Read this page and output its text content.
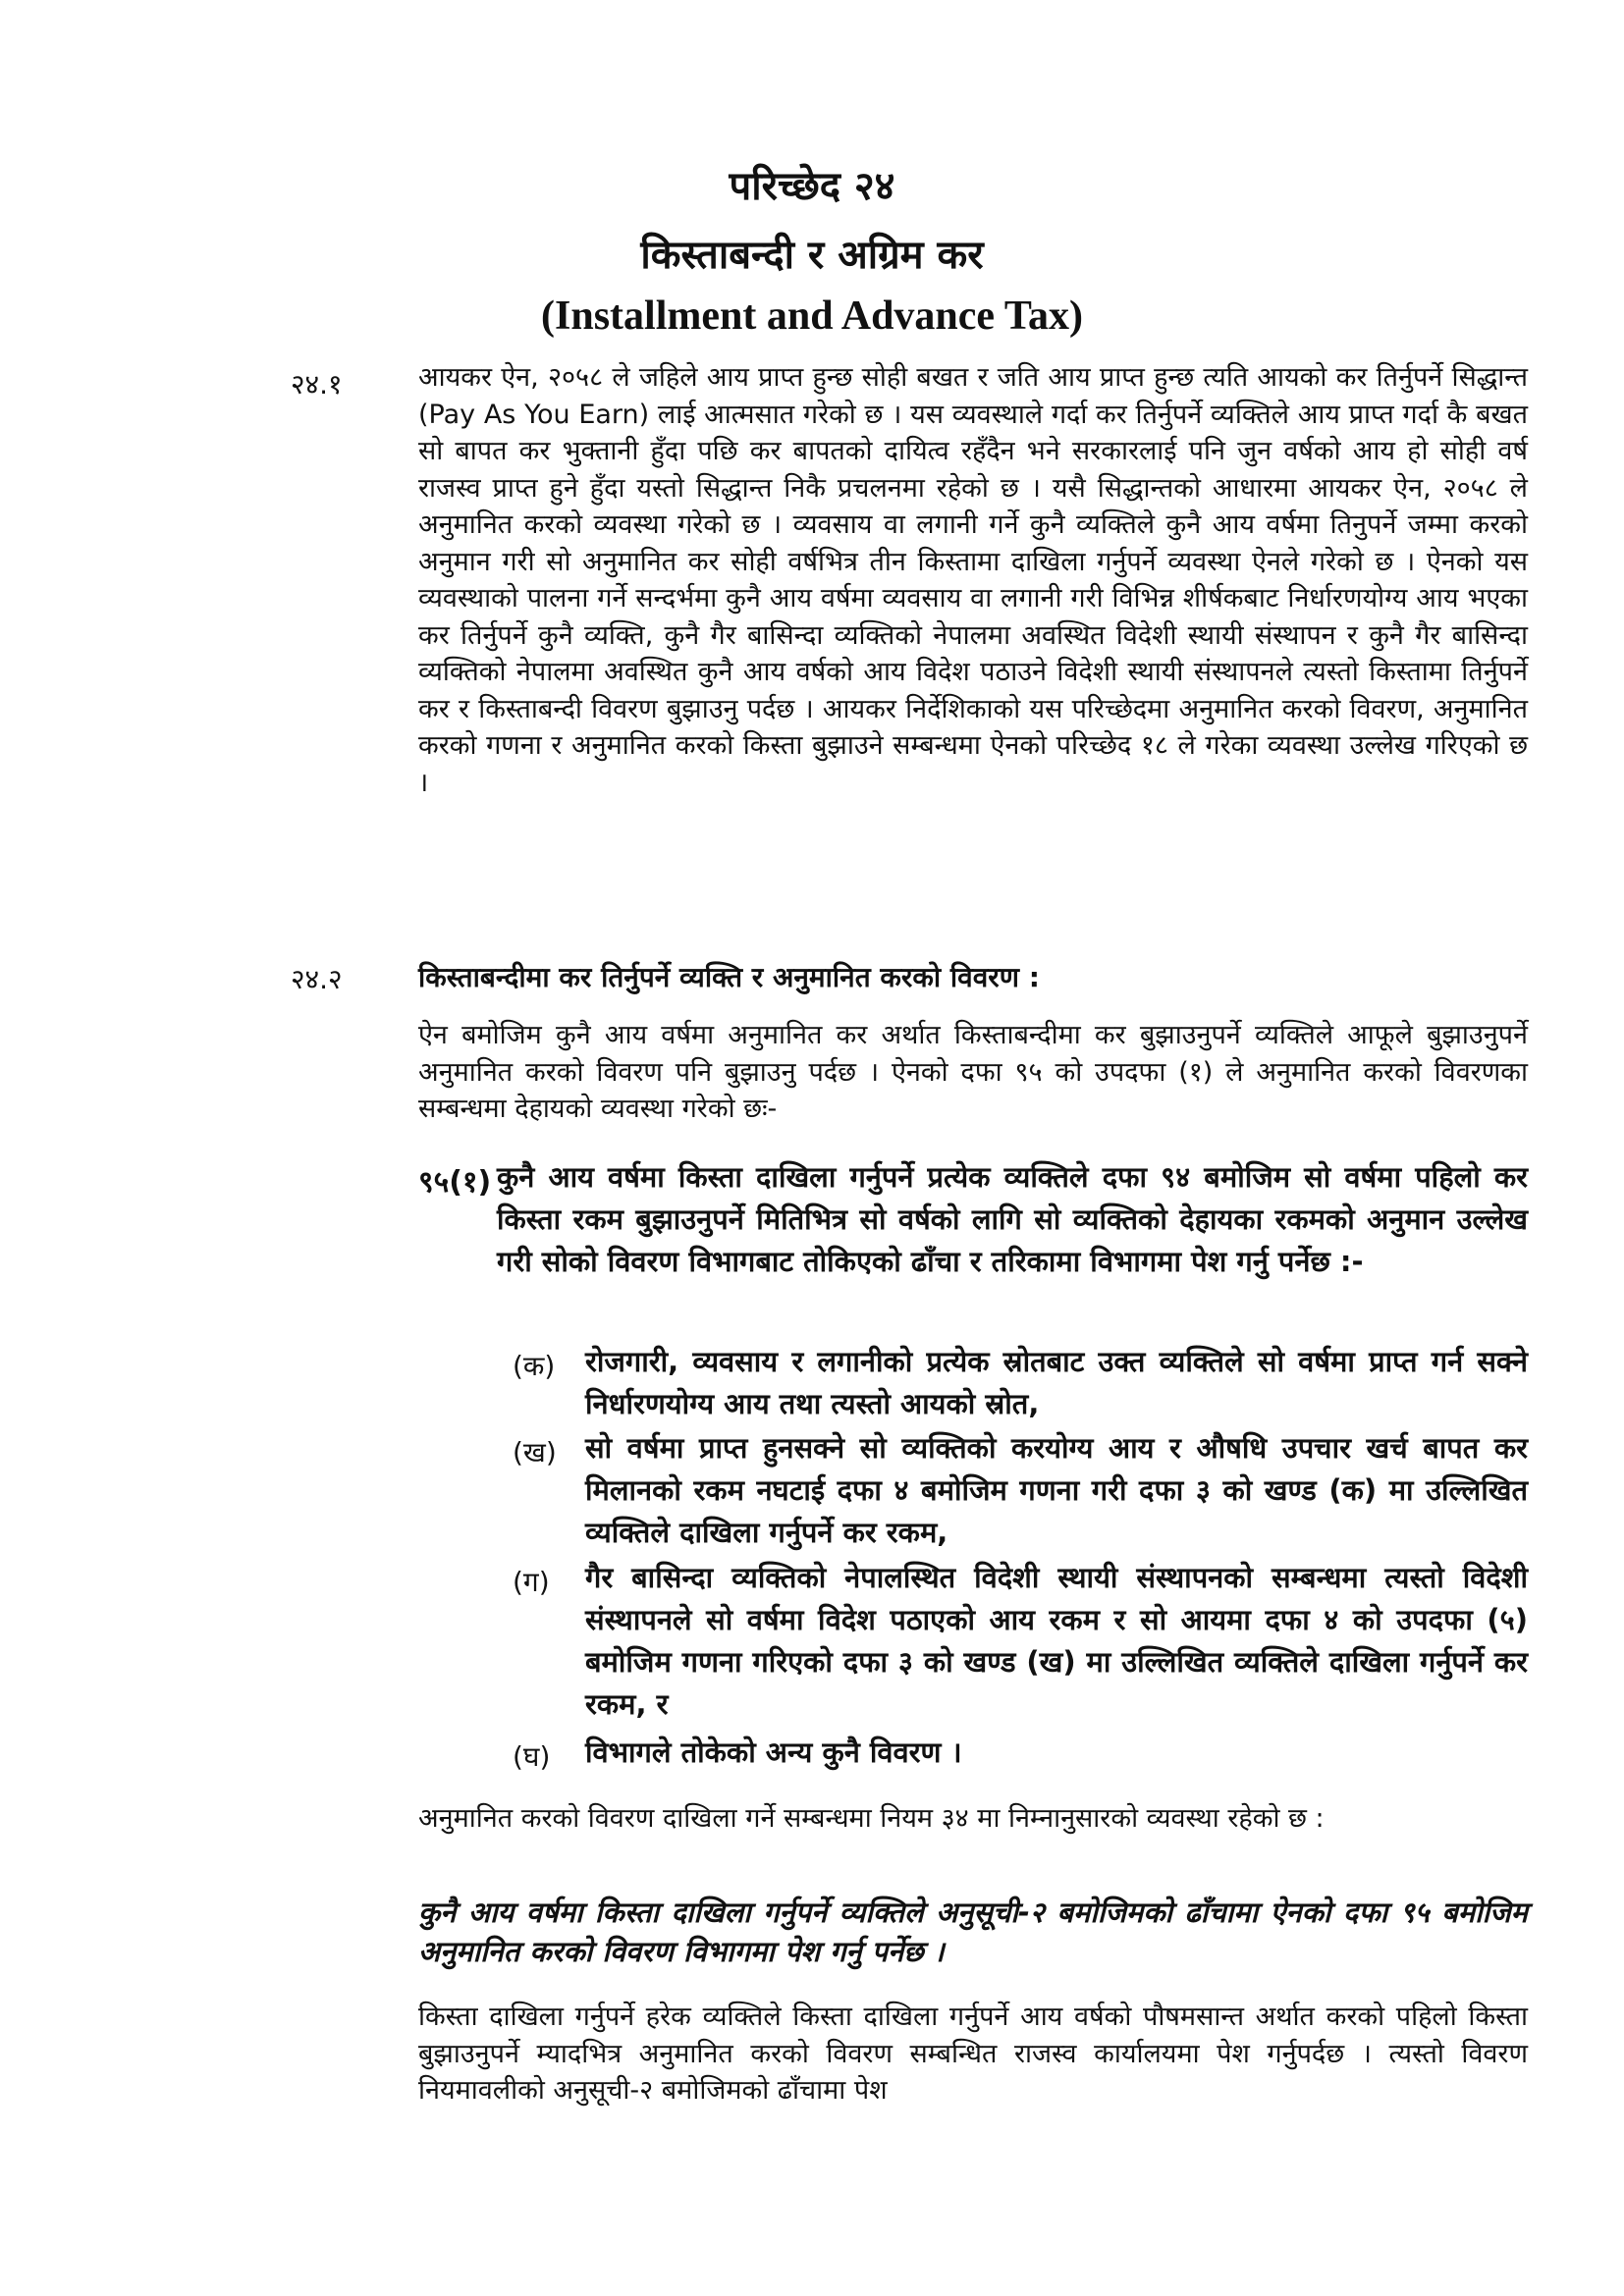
परिच्छेद २४
किस्ताबन्दी र अग्रिम कर
(Installment and Advance Tax)
२४.१	आयकर ऐन, २०५८ ले जहिले आय प्राप्त हुन्छ सोही बखत र जति आय प्राप्त हुन्छ त्यति आयको कर तिर्नुपर्ने सिद्धान्त (Pay As You Earn) लाई आत्मसात गरेको छ । यस व्यवस्थाले गर्दा कर तिर्नुपर्ने व्यक्तिले आय प्राप्त गर्दा कै बखत सो बापत कर भुक्तानी हुँदा पछि कर बापतको दायित्व रहँदैन भने सरकारलाई पनि जुन वर्षको आय हो सोही वर्ष राजस्व प्राप्त हुने हुँदा यस्तो सिद्धान्त निकै प्रचलनमा रहेको छ । यसै सिद्धान्तको आधारमा आयकर ऐन, २०५८ ले अनुमानित करको व्यवस्था गरेको छ । व्यवसाय वा लगानी गर्ने कुनै व्यक्तिले कुनै आय वर्षमा तिनुपर्ने जम्मा करको अनुमान गरी सो अनुमानित कर सोही वर्षभित्र तीन किस्तामा दाखिला गर्नुपर्ने व्यवस्था ऐनले गरेको छ । ऐनको यस व्यवस्थाको पालना गर्ने सन्दर्भमा कुनै आय वर्षमा व्यवसाय वा लगानी गरी विभिन्न शीर्षकबाट निर्धारणयोग्य आय भएका कर तिर्नुपर्ने कुनै व्यक्ति, कुनै गैर बासिन्दा व्यक्तिको नेपालमा अवस्थित विदेशी स्थायी संस्थापन र कुनै गैर बासिन्दा व्यक्तिको नेपालमा अवस्थित कुनै आय वर्षको आय विदेश पठाउने विदेशी स्थायी संस्थापनले त्यस्तो किस्तामा तिर्नुपर्ने कर र किस्ताबन्दी विवरण बुझाउनु पर्दछ । आयकर निर्देशिकाको यस परिच्छेदमा अनुमानित करको विवरण, अनुमानित करको गणना र अनुमानित करको किस्ता बुझाउने सम्बन्धमा ऐनको परिच्छेद १८ ले गरेका व्यवस्था उल्लेख गरिएको छ ।
२४.२	किस्ताबन्दीमा कर तिर्नुपर्ने व्यक्ति र अनुमानित करको विवरण :
ऐन बमोजिम कुनै आय वर्षमा अनुमानित कर अर्थात किस्ताबन्दीमा कर बुझाउनुपर्ने व्यक्तिले आफूले बुझाउनुपर्ने अनुमानित करको विवरण पनि बुझाउनु पर्दछ । ऐनको दफा ९५ को उपदफा (१) ले अनुमानित करको विवरणका सम्बन्धमा देहायको व्यवस्था गरेको छः-
९५(१) कुनै आय वर्षमा किस्ता दाखिला गर्नुपर्ने प्रत्येक व्यक्तिले दफा ९४ बमोजिम सो वर्षमा पहिलो कर किस्ता रकम बुझाउनुपर्ने मितिभित्र सो वर्षको लागि सो व्यक्तिको देहायका रकमको अनुमान उल्लेख गरी सोको विवरण विभागबाट तोकिएको ढाँचा र तरिकामा विभागमा पेश गर्नु पर्नेछ :-
(क) रोजगारी, व्यवसाय र लगानीको प्रत्येक स्रोतबाट उक्त व्यक्तिले सो वर्षमा प्राप्त गर्न सक्ने निर्धारणयोग्य आय तथा त्यस्तो आयको स्रोत,
(ख) सो वर्षमा प्राप्त हुनसक्ने सो व्यक्तिको करयोग्य आय र औषधि उपचार खर्च बापत कर मिलानको रकम नघटाई दफा ४ बमोजिम गणना गरी दफा ३ को खण्ड (क) मा उल्लिखित व्यक्तिले दाखिला गर्नुपर्ने कर रकम,
(ग) गैर बासिन्दा व्यक्तिको नेपालस्थित विदेशी स्थायी संस्थापनको सम्बन्धमा त्यस्तो विदेशी संस्थापनले सो वर्षमा विदेश पठाएको आय रकम र सो आयमा दफा ४ को उपदफा (५) बमोजिम गणना गरिएको दफा ३ को खण्ड (ख) मा उल्लिखित व्यक्तिले दाखिला गर्नुपर्ने कर रकम, र
(घ) विभागले तोकेको अन्य कुनै विवरण ।
अनुमानित करको विवरण दाखिला गर्ने सम्बन्धमा नियम ३४ मा निम्नानुसारको व्यवस्था रहेको छ :
कुनै आय वर्षमा किस्ता दाखिला गर्नुपर्ने व्यक्तिले अनुसूची-२ बमोजिमको ढाँचामा ऐनको दफा ९५ बमोजिम अनुमानित करको विवरण विभागमा पेश गर्नु पर्नेछ ।
किस्ता दाखिला गर्नुपर्ने हरेक व्यक्तिले किस्ता दाखिला गर्नुपर्ने आय वर्षको पौषमसान्त अर्थात करको पहिलो किस्ता बुझाउनुपर्ने म्यादभित्र अनुमानित करको विवरण सम्बन्धित राजस्व कार्यालयमा पेश गर्नुपर्दछ । त्यस्तो विवरण नियमावलीको अनुसूची-२ बमोजिमको ढाँचामा पेश
